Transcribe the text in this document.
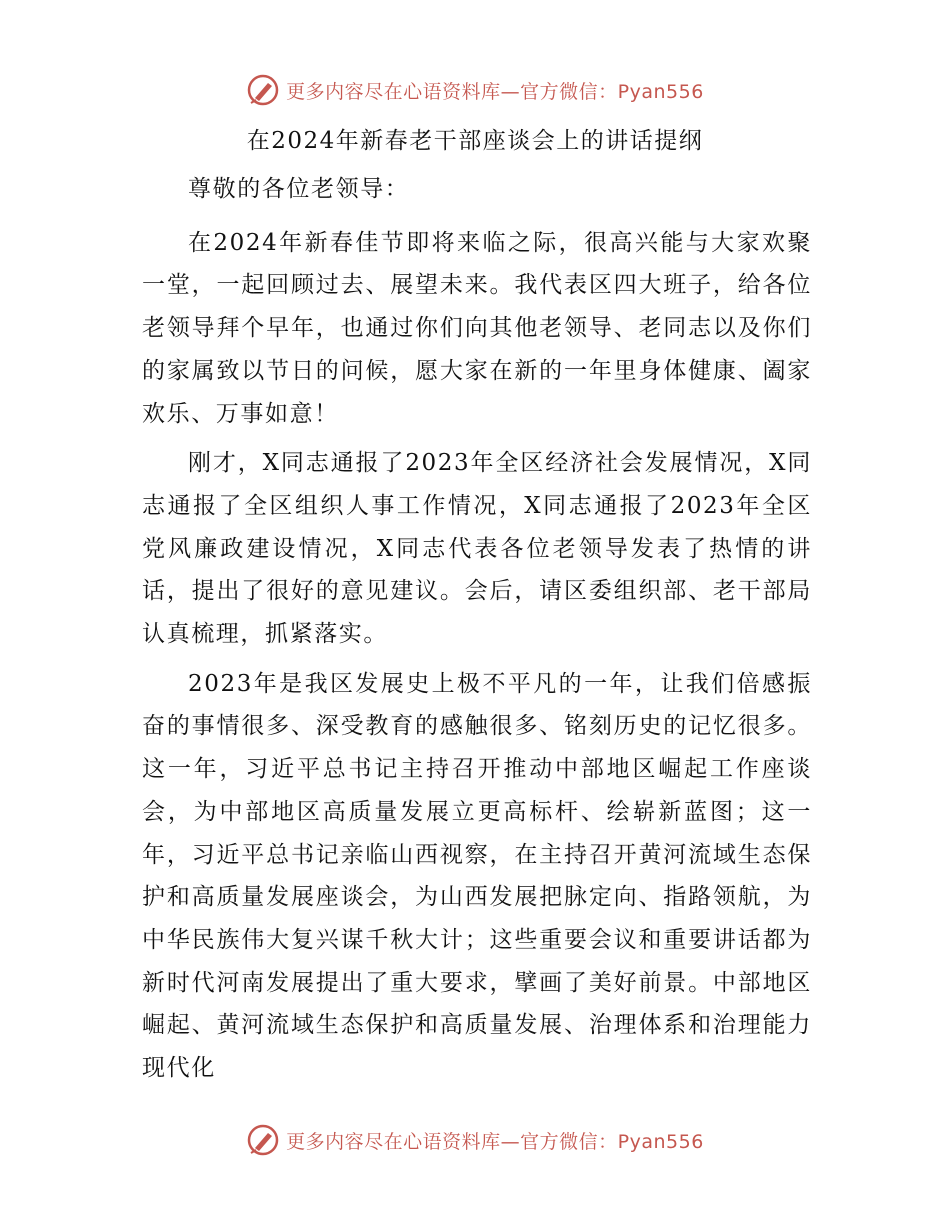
更多内容尽在心语资料库—官方微信：Pyan556
在2024年新春老干部座谈会上的讲话提纲

尊敬的各位老领导：

在2024年新春佳节即将来临之际，很高兴能与大家欢聚一堂，一起回顾过去、展望未来。我代表区四大班子，给各位老领导拜个早年，也通过你们向其他老领导、老同志以及你们的家属致以节日的问候，愿大家在新的一年里身体健康、阖家欢乐、万事如意！

刚才，X同志通报了2023年全区经济社会发展情况，X同志通报了全区组织人事工作情况，X同志通报了2023年全区党风廉政建设情况，X同志代表各位老领导发表了热情的讲话，提出了很好的意见建议。会后，请区委组织部、老干部局认真梳理，抓紧落实。

2023年是我区发展史上极不平凡的一年，让我们倍感振奋的事情很多、深受教育的感触很多、铭刻历史的记忆很多。这一年，习近平总书记主持召开推动中部地区崛起工作座谈会，为中部地区高质量发展立更高标杆、绘崭新蓝图；这一年，习近平总书记亲临山西视察，在主持召开黄河流域生态保护和高质量发展座谈会，为山西发展把脉定向、指路领航，为中华民族伟大复兴谋千秋大计；这些重要会议和重要讲话都为新时代河南发展提出了重大要求，擘画了美好前景。中部地区崛起、黄河流域生态保护和高质量发展、治理体系和治理能力现代化

更多内容尽在心语资料库—官方微信：Pyan556
